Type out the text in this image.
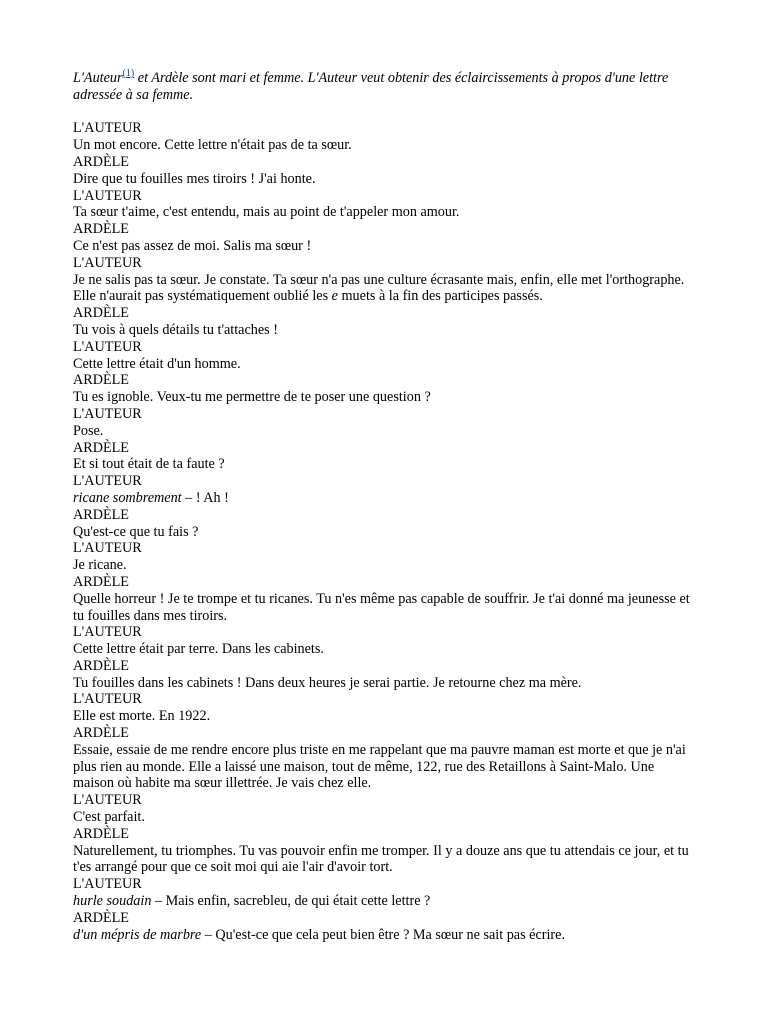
L'Auteur$^{(1)}$ et Ardèle sont mari et femme. L'Auteur veut obtenir des éclaircissements à propos d'une lettre adressée à sa femme.

L'AUTEUR
Un mot encore. Cette lettre n'était pas de ta sœur.
ARDÈLE
Dire que tu fouilles mes tiroirs ! J'ai honte.
L'AUTEUR
Ta sœur t'aime, c'est entendu, mais au point de t'appeler mon amour.
ARDÈLE
Ce n'est pas assez de moi. Salis ma sœur !
L'AUTEUR
Je ne salis pas ta sœur. Je constate. Ta sœur n'a pas une culture écrasante mais, enfin, elle met l'orthographe. Elle n'aurait pas systématiquement oublié les e muets à la fin des participes passés.
ARDÈLE
Tu vois à quels détails tu t'attaches !
L'AUTEUR
Cette lettre était d'un homme.
ARDÈLE
Tu es ignoble. Veux-tu me permettre de te poser une question ?
L'AUTEUR
Pose.
ARDÈLE
Et si tout était de ta faute ?
L'AUTEUR
ricane sombrement – ! Ah !
ARDÈLE
Qu'est-ce que tu fais ?
L'AUTEUR
Je ricane.
ARDÈLE
Quelle horreur ! Je te trompe et tu ricanes. Tu n'es même pas capable de souffrir. Je t'ai donné ma jeunesse et tu fouilles dans mes tiroirs.
L'AUTEUR
Cette lettre était par terre. Dans les cabinets.
ARDÈLE
Tu fouilles dans les cabinets ! Dans deux heures je serai partie. Je retourne chez ma mère.
L'AUTEUR
Elle est morte. En 1922.
ARDÈLE
Essaie, essaie de me rendre encore plus triste en me rappelant que ma pauvre maman est morte et que je n'ai plus rien au monde. Elle a laissé une maison, tout de même, 122, rue des Retaillons à Saint-Malo. Une maison où habite ma sœur illettrée. Je vais chez elle.
L'AUTEUR
C'est parfait.
ARDÈLE
Naturellement, tu triomphes. Tu vas pouvoir enfin me tromper. Il y a douze ans que tu attendais ce jour, et tu t'es arrangé pour que ce soit moi qui aie l'air d'avoir tort.
L'AUTEUR
hurle soudain – Mais enfin, sacrebleu, de qui était cette lettre ?
ARDÈLE
d'un mépris de marbre – Qu'est-ce que cela peut bien être ? Ma sœur ne sait pas écrire.
